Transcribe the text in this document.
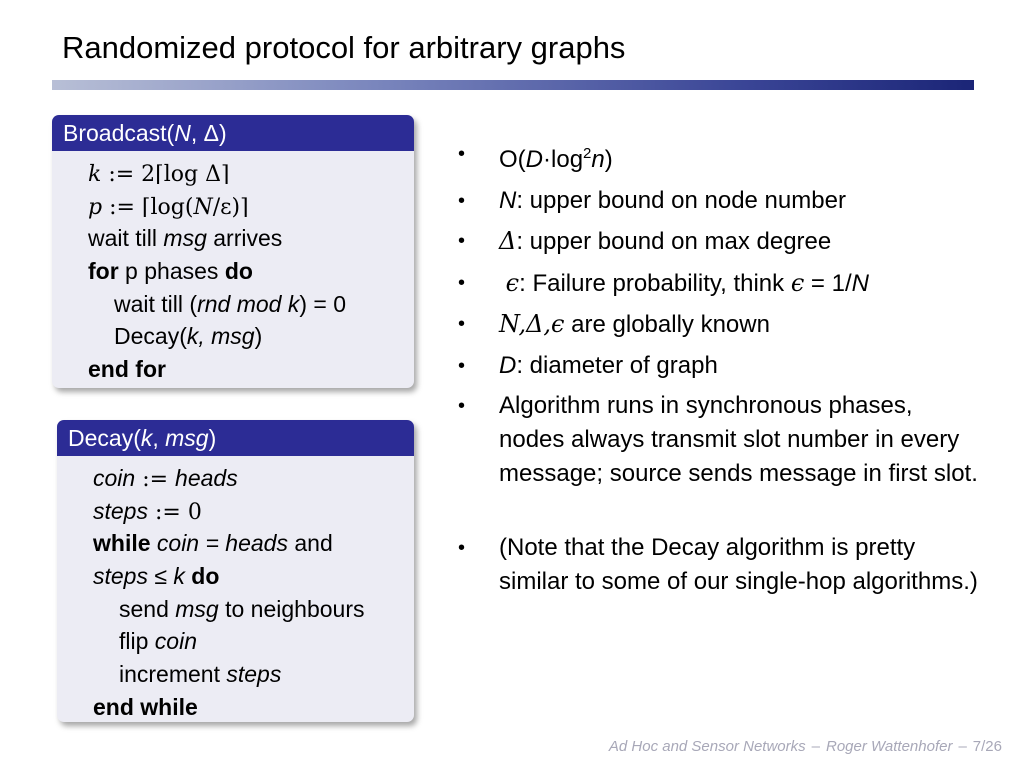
Randomized protocol for arbitrary graphs
Broadcast(N, Δ)
k := 2⌈log Δ⌉
p := ⌈log(N/ε)⌉
wait till msg arrives
for p phases do
wait till (rnd mod k) = 0
Decay(k, msg)
end for
Decay(k, msg)
coin := heads
steps := 0
while coin = heads and
steps ≤ k do
send msg to neighbours
flip coin
increment steps
end while
• $O(D\cdot\log^2n)$
• N: upper bound on node number
• Δ: upper bound on max degree
• ϵ: Failure probability, think ϵ = 1/N
• N,Δ,ϵ are globally known
• D: diameter of graph
• Algorithm runs in synchronous phases, nodes always transmit slot number in every message; source sends message in first slot.
• (Note that the Decay algorithm is pretty similar to some of our single-hop algorithms.)
Ad Hoc and Sensor Networks – Roger Wattenhofer – 7/26
